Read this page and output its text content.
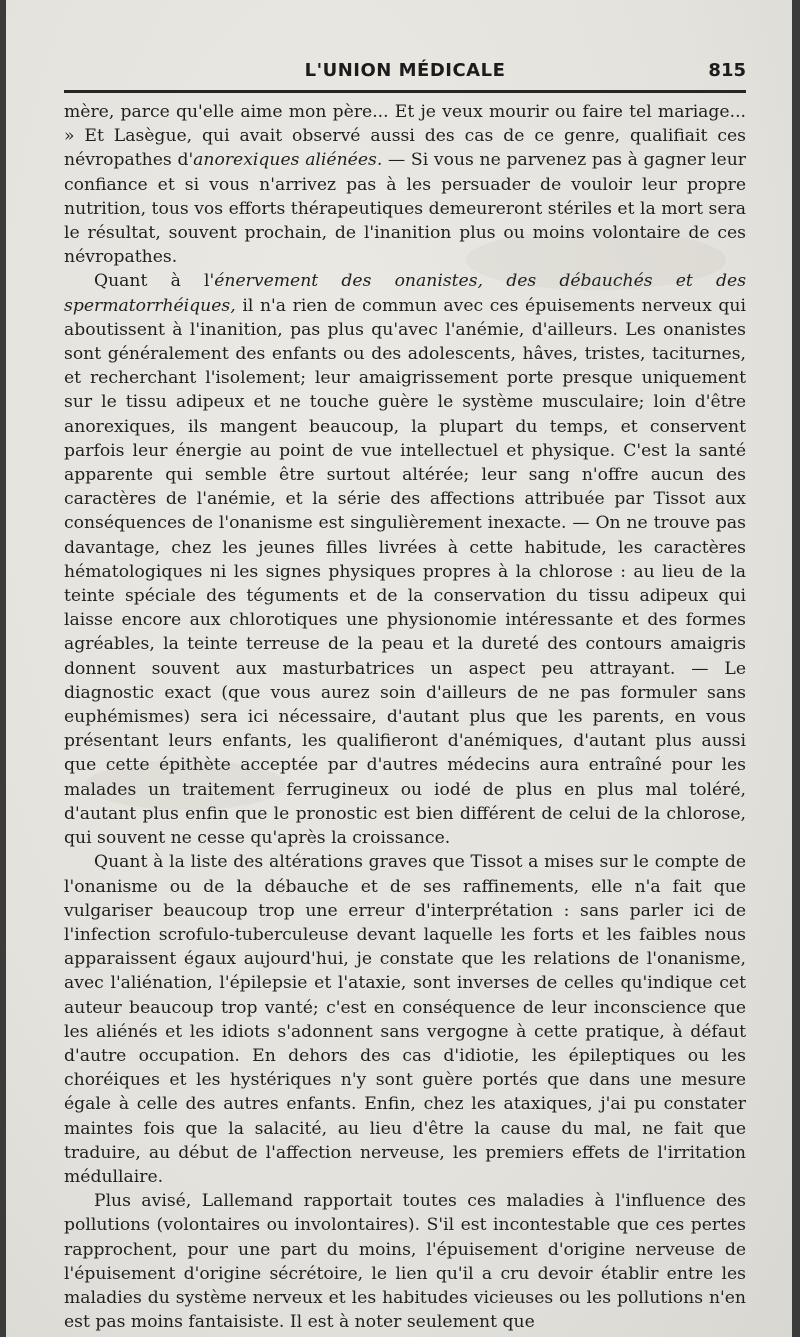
L'UNION MÉDICALE	815

mère, parce qu'elle aime mon père... Et je veux mourir ou faire tel mariage... » Et Lasègue, qui avait observé aussi des cas de ce genre, qualifiait ces névropathes d'anorexiques aliénées. — Si vous ne parvenez pas à gagner leur confiance et si vous n'arrivez pas à les persuader de vouloir leur propre nutrition, tous vos efforts thérapeutiques demeureront stériles et la mort sera le résultat, souvent prochain, de l'inanition plus ou moins volontaire de ces névropathes.

Quant à l'énervement des onanistes, des débauchés et des spermatorrhéiques, il n'a rien de commun avec ces épuisements nerveux qui aboutissent à l'inanition, pas plus qu'avec l'anémie, d'ailleurs. Les onanistes sont généralement des enfants ou des adolescents, hâves, tristes, taciturnes, et recherchant l'isolement; leur amaigrissement porte presque uniquement sur le tissu adipeux et ne touche guère le système musculaire; loin d'être anorexiques, ils mangent beaucoup, la plupart du temps, et conservent parfois leur énergie au point de vue intellectuel et physique. C'est la santé apparente qui semble être surtout altérée; leur sang n'offre aucun des caractères de l'anémie, et la série des affections attribuée par Tissot aux conséquences de l'onanisme est singulièrement inexacte. — On ne trouve pas davantage, chez les jeunes filles livrées à cette habitude, les caractères hématologiques ni les signes physiques propres à la chlorose : au lieu de la teinte spéciale des téguments et de la conservation du tissu adipeux qui laisse encore aux chlorotiques une physionomie intéressante et des formes agréables, la teinte terreuse de la peau et la dureté des contours amaigris donnent souvent aux masturbatrices un aspect peu attrayant. — Le diagnostic exact (que vous aurez soin d'ailleurs de ne pas formuler sans euphémismes) sera ici nécessaire, d'autant plus que les parents, en vous présentant leurs enfants, les qualifieront d'anémiques, d'autant plus aussi que cette épithète acceptée par d'autres médecins aura entraîné pour les malades un traitement ferrugineux ou iodé de plus en plus mal toléré, d'autant plus enfin que le pronostic est bien différent de celui de la chlorose, qui souvent ne cesse qu'après la croissance.

Quant à la liste des altérations graves que Tissot a mises sur le compte de l'onanisme ou de la débauche et de ses raffinements, elle n'a fait que vulgariser beaucoup trop une erreur d'interprétation : sans parler ici de l'infection scrofulo-tuberculeuse devant laquelle les forts et les faibles nous apparaissent égaux aujourd'hui, je constate que les relations de l'onanisme, avec l'aliénation, l'épilepsie et l'ataxie, sont inverses de celles qu'indique cet auteur beaucoup trop vanté; c'est en conséquence de leur inconscience que les aliénés et les idiots s'adonnent sans vergogne à cette pratique, à défaut d'autre occupation. En dehors des cas d'idiotie, les épileptiques ou les choréiques et les hystériques n'y sont guère portés que dans une mesure égale à celle des autres enfants. Enfin, chez les ataxiques, j'ai pu constater maintes fois que la salacité, au lieu d'être la cause du mal, ne fait que traduire, au début de l'affection nerveuse, les premiers effets de l'irritation médullaire.

Plus avisé, Lallemand rapportait toutes ces maladies à l'influence des pollutions (volontaires ou involontaires). S'il est incontestable que ces pertes rapprochent, pour une part du moins, l'épuisement d'origine nerveuse de l'épuisement d'origine sécrétoire, le lien qu'il a cru devoir établir entre les maladies du système nerveux et les habitudes vicieuses ou les pollutions n'en est pas moins fantaisiste. Il est à noter seulement que
